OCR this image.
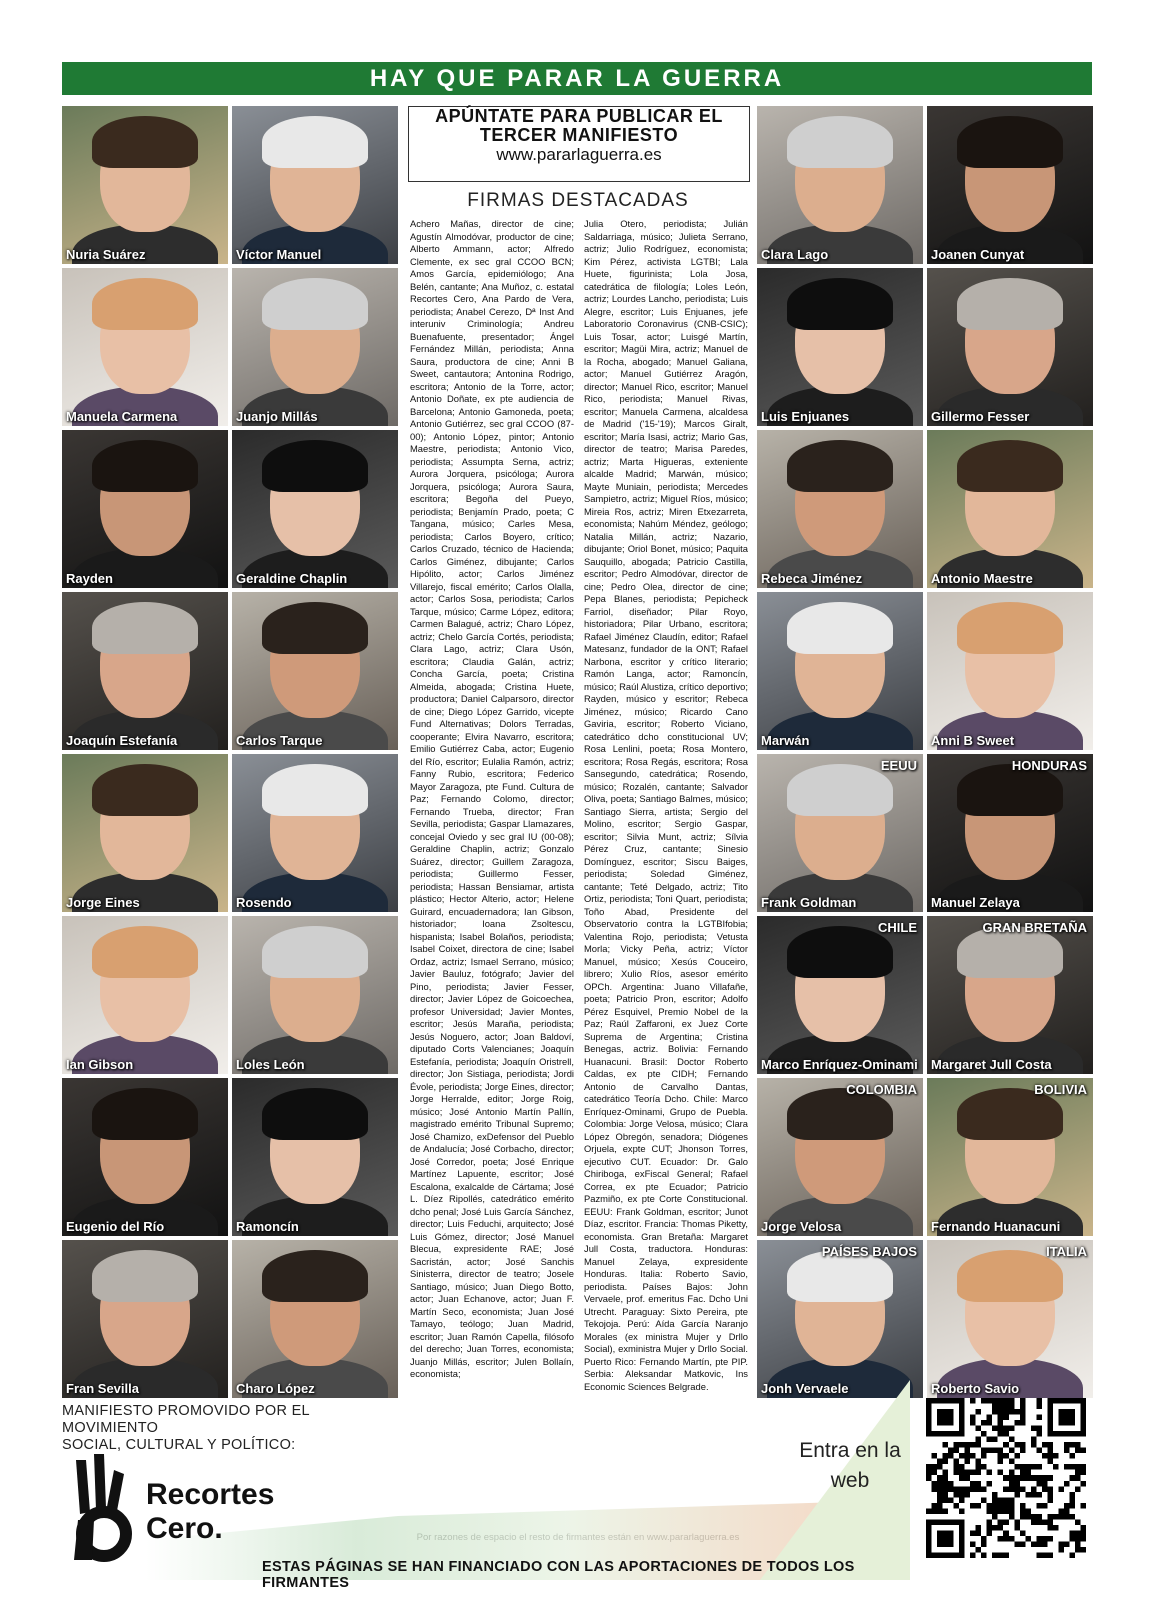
HAY QUE PARAR LA GUERRA
Nuria Suárez	Víctor Manuel
Manuela Carmena	Juanjo Millás
Rayden	Geraldine Chaplin
Joaquín Estefanía	Carlos Tarque
Jorge Eines	Rosendo
Ian Gibson	Loles León
Eugenio del Río	Ramoncín
Fran Sevilla	Charo López
APÚNTATE PARA PUBLICAR EL
TERCER MANIFIESTO
www.pararlaguerra.es
FIRMAS DESTACADAS
Achero Mañas, director de cine; Agustín Almodóvar, productor de cine; Alberto Ammann, actor; Alfredo Clemente, ex sec gral CCOO BCN; Amos García, epidemiólogo; Ana Belén, cantante; Ana Muñoz, c. estatal Recortes Cero, Ana Pardo de Vera, periodista; Anabel Cerezo, Dª Inst And interuniv Criminología; Andreu Buenafuente, presentador; Ángel Fernández Millán, periodista; Anna Saura, productora de cine; Anni B Sweet, cantautora; Antonina Rodrigo, escritora; Antonio de la Torre, actor; Antonio Doñate, ex pte audiencia de Barcelona; Antonio Gamoneda, poeta; Antonio Gutiérrez, sec gral CCOO (87-00); Antonio López, pintor; Antonio Maestre, periodista; Antonio Vico, periodista; Assumpta Serna, actriz; Aurora Jorquera, psicóloga; Aurora Jorquera, psicóloga; Aurora Saura, escritora; Begoña del Pueyo, periodista; Benjamín Prado, poeta; C Tangana, músico; Carles Mesa, periodista; Carlos Boyero, crítico; Carlos Cruzado, técnico de Hacienda; Carlos Giménez, dibujante; Carlos Hipólito, actor; Carlos Jiménez Villarejo, fiscal emérito; Carlos Olalla, actor; Carlos Sosa, periodista; Carlos Tarque, músico; Carme López, editora; Carmen Balagué, actriz; Charo López, actriz; Chelo García Cortés, periodista; Clara Lago, actriz; Clara Usón, escritora; Claudia Galán, actriz; Concha García, poeta; Cristina Almeida, abogada; Cristina Huete, productora; Daniel Calparsoro, director de cine; Diego López Garrido, vicepte Fund Alternativas; Dolors Terradas, cooperante; Elvira Navarro, escritora; Emilio Gutiérrez Caba, actor; Eugenio del Río, escritor; Eulalia Ramón, actriz; Fanny Rubio, escritora; Federico Mayor Zaragoza, pte Fund. Cultura de Paz; Fernando Colomo, director; Fernando Trueba, director; Fran Sevilla, periodista; Gaspar Llamazares, concejal Oviedo y sec gral IU (00-08); Geraldine Chaplin, actriz; Gonzalo Suárez, director; Guillem Zaragoza, periodista; Guillermo Fesser, periodista; Hassan Bensiamar, artista plástico; Hector Alterio, actor; Helene Guirard, encuadernadora; Ian Gibson, historiador; Ioana Zsoltescu, hispanista; Isabel Bolaños, periodista; Isabel Coixet, directora de cine; Isabel Ordaz, actriz; Ismael Serrano, músico; Javier Bauluz, fotógrafo; Javier del Pino, periodista; Javier Fesser, director; Javier López de Goicoechea, profesor Universidad; Javier Montes, escritor; Jesús Maraña, periodista; Jesús Noguero, actor; Joan Baldoví, diputado Corts Valencianes; Joaquín Estefanía, periodista; Joaquín Oristrell, director; Jon Sistiaga, periodista; Jordi Évole, periodista; Jorge Eines, director; Jorge Herralde, editor; Jorge Roig, músico; José Antonio Martín Pallín, magistrado emérito Tribunal Supremo; José Chamizo, exDefensor del Pueblo de Andalucía; José Corbacho, director; José Corredor, poeta; José Enrique Martínez Lapuente, escritor; José Escalona, exalcalde de Cártama; José L. Díez Ripollés, catedrático emérito dcho penal; José Luis García Sánchez, director; Luis Feduchi, arquitecto; José Luis Gómez, director; José Manuel Blecua, expresidente RAE; José Sacristán, actor; José Sanchis Sinisterra, director de teatro; Josele Santiago, músico; Juan Diego Botto, actor; Juan Echanove, actor; Juan F. Martín Seco, economista; Juan José Tamayo, teólogo; Juan Madrid, escritor; Juan Ramón Capella, filósofo del derecho; Juan Torres, economista; Juanjo Millás, escritor; Julen Bollaín, economista;
Julia Otero, periodista; Julián Saldarriaga, músico; Julieta Serrano, actriz; Julio Rodríguez, economista; Kim Pérez, activista LGTBI; Lala Huete, figurinista; Lola Josa, catedrática de filología; Loles León, actriz; Lourdes Lancho, periodista; Luis Alegre, escritor; Luis Enjuanes, jefe Laboratorio Coronavirus (CNB-CSIC); Luis Tosar, actor; Luisgé Martín, escritor; Magüi Mira, actriz; Manuel de la Rocha, abogado; Manuel Galiana, actor; Manuel Gutiérrez Aragón, director; Manuel Rico, escritor; Manuel Rico, periodista; Manuel Rivas, escritor; Manuela Carmena, alcaldesa de Madrid ('15-'19); Marcos Giralt, escritor; María Isasi, actriz; Mario Gas, director de teatro; Marisa Paredes, actriz; Marta Higueras, exteniente alcalde Madrid; Marwán, músico; Mayte Muniain, periodista; Mercedes Sampietro, actriz; Miguel Ríos, músico; Mireia Ros, actriz; Miren Etxezarreta, economista; Nahúm Méndez, geólogo; Natalia Millán, actriz; Nazario, dibujante; Oriol Bonet, músico; Paquita Sauquillo, abogada; Patricio Castilla, escritor; Pedro Almodóvar, director de cine; Pedro Olea, director de cine; Pepa Blanes, periodista; Pepicheck Farriol, diseñador; Pilar Royo, historiadora; Pilar Urbano, escritora; Rafael Jiménez Claudín, editor; Rafael Matesanz, fundador de la ONT; Rafael Narbona, escritor y crítico literario; Ramón Langa, actor; Ramoncín, músico; Raúl Alustiza, crítico deportivo; Rayden, músico y escritor; Rebeca Jiménez, músico; Ricardo Cano Gaviria, escritor; Roberto Viciano, catedrático dcho constitucional UV; Rosa Lenlini, poeta; Rosa Montero, escritora; Rosa Regás, escritora; Rosa Sansegundo, catedrática; Rosendo, músico; Rozalén, cantante; Salvador Oliva, poeta; Santiago Balmes, músico; Santiago Sierra, artista; Sergio del Molino, escritor; Sergio Gaspar, escritor; Silvia Munt, actriz; Sílvia Pérez Cruz, cantante; Sinesio Domínguez, escritor; Siscu Baiges, periodista; Soledad Giménez, cantante; Teté Delgado, actriz; Tito Ortiz, periodista; Toni Quart, periodista; Toño Abad, Presidente del Observatorio contra la LGTBIfobia; Valentina Rojo, periodista; Vetusta Morla; Vicky Peña, actriz; Víctor Manuel, músico; Xesús Couceiro, librero; Xulio Ríos, asesor emérito OPCh. Argentina: Juano Villafañe, poeta; Patricio Pron, escritor; Adolfo Pérez Esquivel, Premio Nobel de la Paz; Raúl Zaffaroni, ex Juez Corte Suprema de Argentina; Cristina Benegas, actriz. Bolivia: Fernando Huanacuni. Brasil: Doctor Roberto Caldas, ex pte CIDH; Fernando Antonio de Carvalho Dantas, catedrático Teoría Dcho. Chile: Marco Enríquez-Ominami, Grupo de Puebla. Colombia: Jorge Velosa, músico; Clara López Obregón, senadora; Diógenes Orjuela, expte CUT; Jhonson Torres, ejecutivo CUT. Ecuador: Dr. Galo Chiriboga, exFiscal General; Rafael Correa, ex pte Ecuador; Patricio Pazmiño, ex pte Corte Constitucional. EEUU: Frank Goldman, escritor; Junot Díaz, escritor. Francia: Thomas Piketty, economista. Gran Bretaña: Margaret Jull Costa, traductora. Honduras: Manuel Zelaya, expresidente Honduras. Italia: Roberto Savio, periodista. Países Bajos: John Vervaele, prof. emeritus Fac. Dcho Uni Utrecht. Paraguay: Sixto Pereira, pte Tekojoja. Perú: Aída García Naranjo Morales (ex ministra Mujer y Drllo Social), exministra Mujer y Drllo Social. Puerto Rico: Fernando Martín, pte PIP. Serbia: Aleksandar Matkovic, Ins Economic Sciences Belgrade.
Clara Lago	Joanen Cunyat
Luis Enjuanes	Gillermo Fesser
Rebeca Jiménez	Antonio Maestre
Marwán	Anni B Sweet
Frank Goldman
EEUU
Manuel Zelaya
HONDURAS
Marco Enríquez-Ominami
CHILE
Margaret Jull Costa
GRAN BRETAÑA
Jorge Velosa
COLOMBIA
Fernando Huanacuni
BOLIVIA
Jonh Vervaele
PAÍSES BAJOS
Roberto Savio
ITALIA
MANIFIESTO PROMOVIDO POR EL MOVIMIENTO
SOCIAL, CULTURAL Y POLÍTICO:
Recortes
Cero.
Entra en la
web
ESTAS PÁGINAS SE HAN FINANCIADO CON LAS APORTACIONES DE TODOS LOS FIRMANTES
